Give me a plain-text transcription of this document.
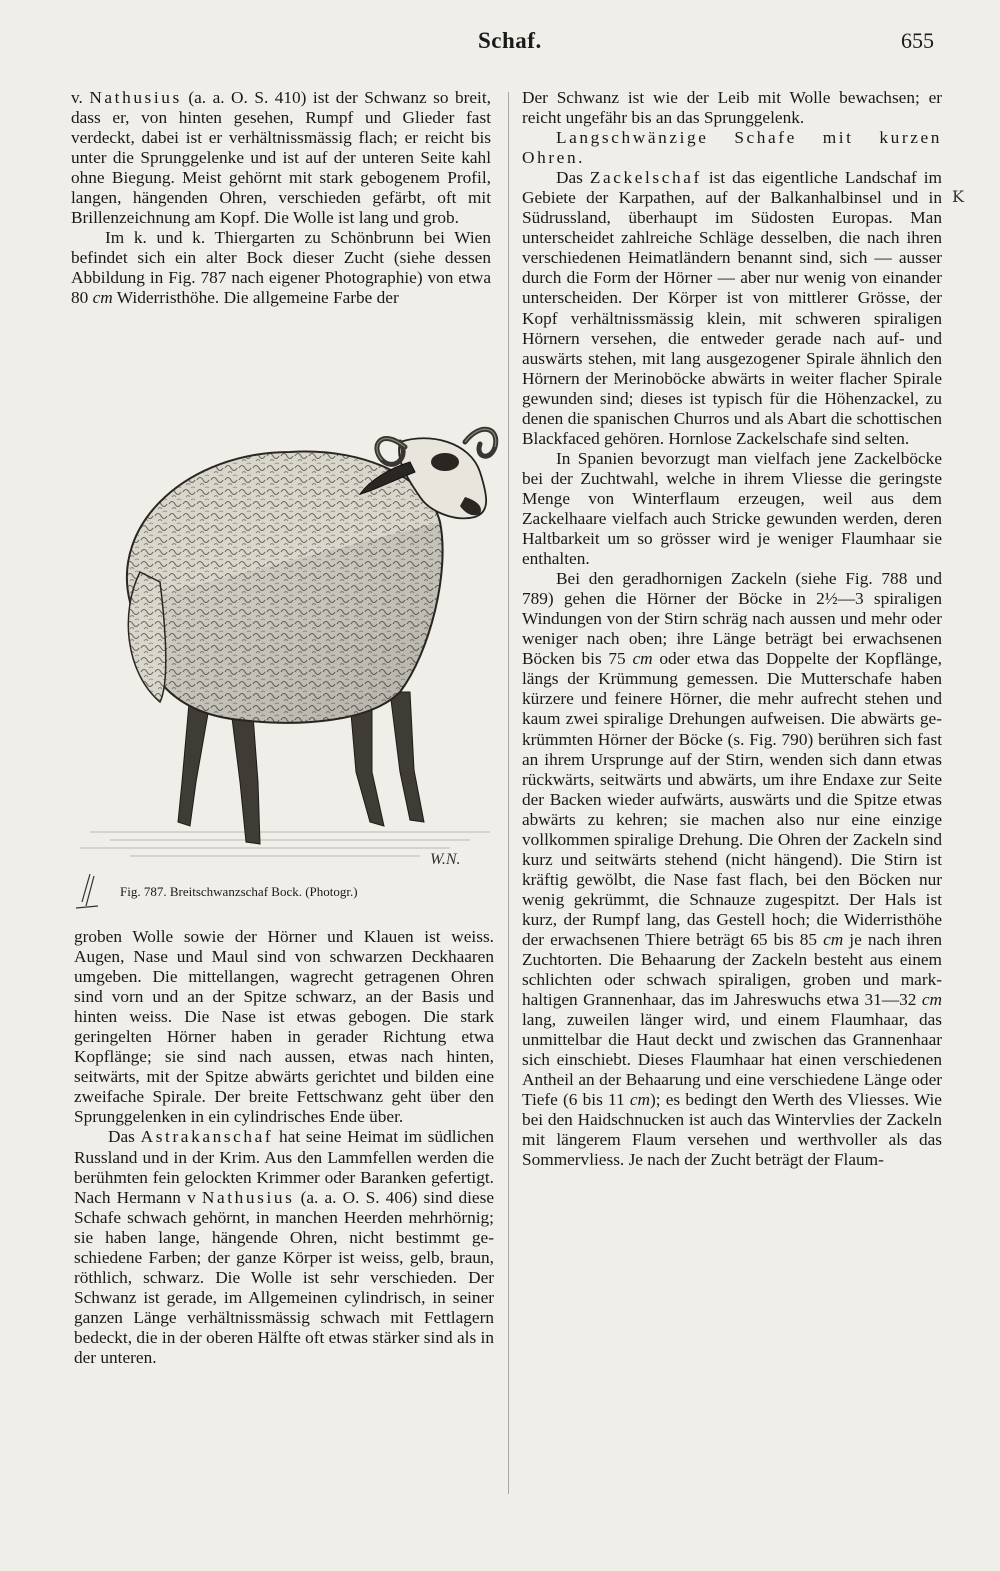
Schaf.	655

v. Nathusius (a. a. O. S. 410) ist der Schwanz so breit, dass er, von hinten gesehen, Rumpf und Glieder fast verdeckt, dabei ist er verhältnissmässig flach; er reicht bis unter die Sprunggelenke und ist auf der unteren Seite kahl ohne Biegung. Meist gehörnt mit stark gebogenem Profil, langen, hängenden Ohren, verschieden gefärbt, oft mit Brillenzeichnung am Kopf. Die Wolle ist lang und grob.

Im k. und k. Thiergarten zu Schönbrunn bei Wien befindet sich ein alter Bock dieser Zucht (siehe dessen Abbildung in Fig. 787 nach eigener Photographie) von etwa 80 cm Widerristhöhe. Die allgemeine Farbe der

W.N.
Fig. 787. Breitschwanzschaf Bock. (Photogr.)

groben Wolle sowie der Hörner und Klauen ist weiss. Augen, Nase und Maul sind von schwarzen Deckhaaren umgeben. Die mittellangen, wagrecht getragenen Ohren sind vorn und an der Spitze schwarz, an der Basis und hinten weiss. Die Nase ist etwas gebogen. Die stark geringelten Hörner haben in gerader Richtung etwa Kopflänge; sie sind nach aussen, etwas nach hinten, seitwärts, mit der Spitze abwärts gerichtet und bilden eine zweifache Spirale. Der breite Fettschwanz geht über den Sprunggelenken in ein cylindrisches Ende über.

Das Astrakanschaf hat seine Heimat im südlichen Russland und in der Krim. Aus den Lammfellen werden die berühmten fein gelockten Krimmer oder Baranken gefertigt. Nach Hermann v Nathusius (a. a. O. S. 406) sind diese Schafe schwach gehörnt, in manchen Heerden mehrhörnig; sie haben lange, hängende Ohren, nicht bestimmt geschiedene Farben; der ganze Körper ist weiss, gelb, braun, röthlich, schwarz. Die Wolle ist sehr verschieden. Der Schwanz ist gerade, im Allgemeinen cylindrisch, in seiner ganzen Länge verhältnissmässig schwach mit Fettlagern bedeckt, die in der oberen Hälfte oft etwas stärker sind als in der unteren.

Der Schwanz ist wie der Leib mit Wolle bewachsen; er reicht ungefähr bis an das Sprunggelenk.

Langschwänzige Schafe mit kurzen Ohren.

Das Zackelschaf ist das eigentliche Landschaf im Gebiete der Karpathen, auf der Balkanhalbinsel und in Südrussland, überhaupt im Südosten Europas. Man unterscheidet zahlreiche Schläge desselben, die nach ihren verschiedenen Heimatländern benannt sind, sich — ausser durch die Form der Hörner — aber nur wenig von einander unterscheiden. Der Körper ist von mittlerer Grösse, der Kopf verhältnissmässig klein, mit schweren spiraligen Hörnern versehen, die entweder gerade nach auf- und auswärts stehen, mit lang ausgezogener Spirale ähnlich den Hörnern der Merinoböcke abwärts in weiter flacher Spirale gewunden sind; dieses ist typisch für die Höhenzackel, zu denen die spanischen Churros und als Abart die schottischen Blackfaced gehören. Hornlose Zackelschafe sind selten.

In Spanien bevorzugt man vielfach jene Zackelböcke bei der Zuchtwahl, welche in ihrem Vliesse die geringste Menge von Winterflaum erzeugen, weil aus dem Zackelhaare vielfach auch Stricke gewunden werden, deren Haltbarkeit um so grösser wird je weniger Flaumhaar sie enthalten.

Bei den geradhornigen Zackeln (siehe Fig. 788 und 789) gehen die Hörner der Böcke in 2½—3 spiraligen Windungen von der Stirn schräg nach aussen und mehr oder weniger nach oben; ihre Länge beträgt bei erwachsenen Böcken bis 75 cm oder etwa das Doppelte der Kopflänge, längs der Krümmung gemessen. Die Mutterschafe haben kürzere und feinere Hörner, die mehr aufrecht stehen und kaum zwei spiralige Drehungen aufweisen. Die abwärts gekrümmten Hörner der Böcke (s. Fig. 790) berühren sich fast an ihrem Ursprunge auf der Stirn, wenden sich dann etwas rückwärts, seitwärts und abwärts, um ihre Endaxe zur Seite der Backen wieder aufwärts, auswärts und die Spitze etwas abwärts zu kehren; sie machen also nur eine einzige vollkommen spiralige Drehung. Die Ohren der Zackeln sind kurz und seitwärts stehend (nicht hängend). Die Stirn ist kräftig gewölbt, die Nase fast flach, bei den Böcken nur wenig gekrümmt, die Schnauze zugespitzt. Der Hals ist kurz, der Rumpf lang, das Gestell hoch; die Widerristhöhe der erwachsenen Thiere beträgt 65 bis 85 cm je nach ihren Zuchtorten. Die Behaarung der Zackeln besteht aus einem schlichten oder schwach spiraligen, groben und markhaltigen Grannenhaar, das im Jahreswuchs etwa 31—32 cm lang, zuweilen länger wird, und einem Flaumhaar, das unmittelbar die Haut deckt und zwischen das Grannenhaar sich einschiebt. Dieses Flaumhaar hat einen verschiedenen Antheil an der Behaarung und eine verschiedene Länge oder Tiefe (6 bis 11 cm); es bedingt den Werth des Vliesses. Wie bei den Haidschnucken ist auch das Wintervlies der Zackeln mit längerem Flaum versehen und werthvoller als das Sommervliess. Je nach der Zucht beträgt der Flaum-

K
